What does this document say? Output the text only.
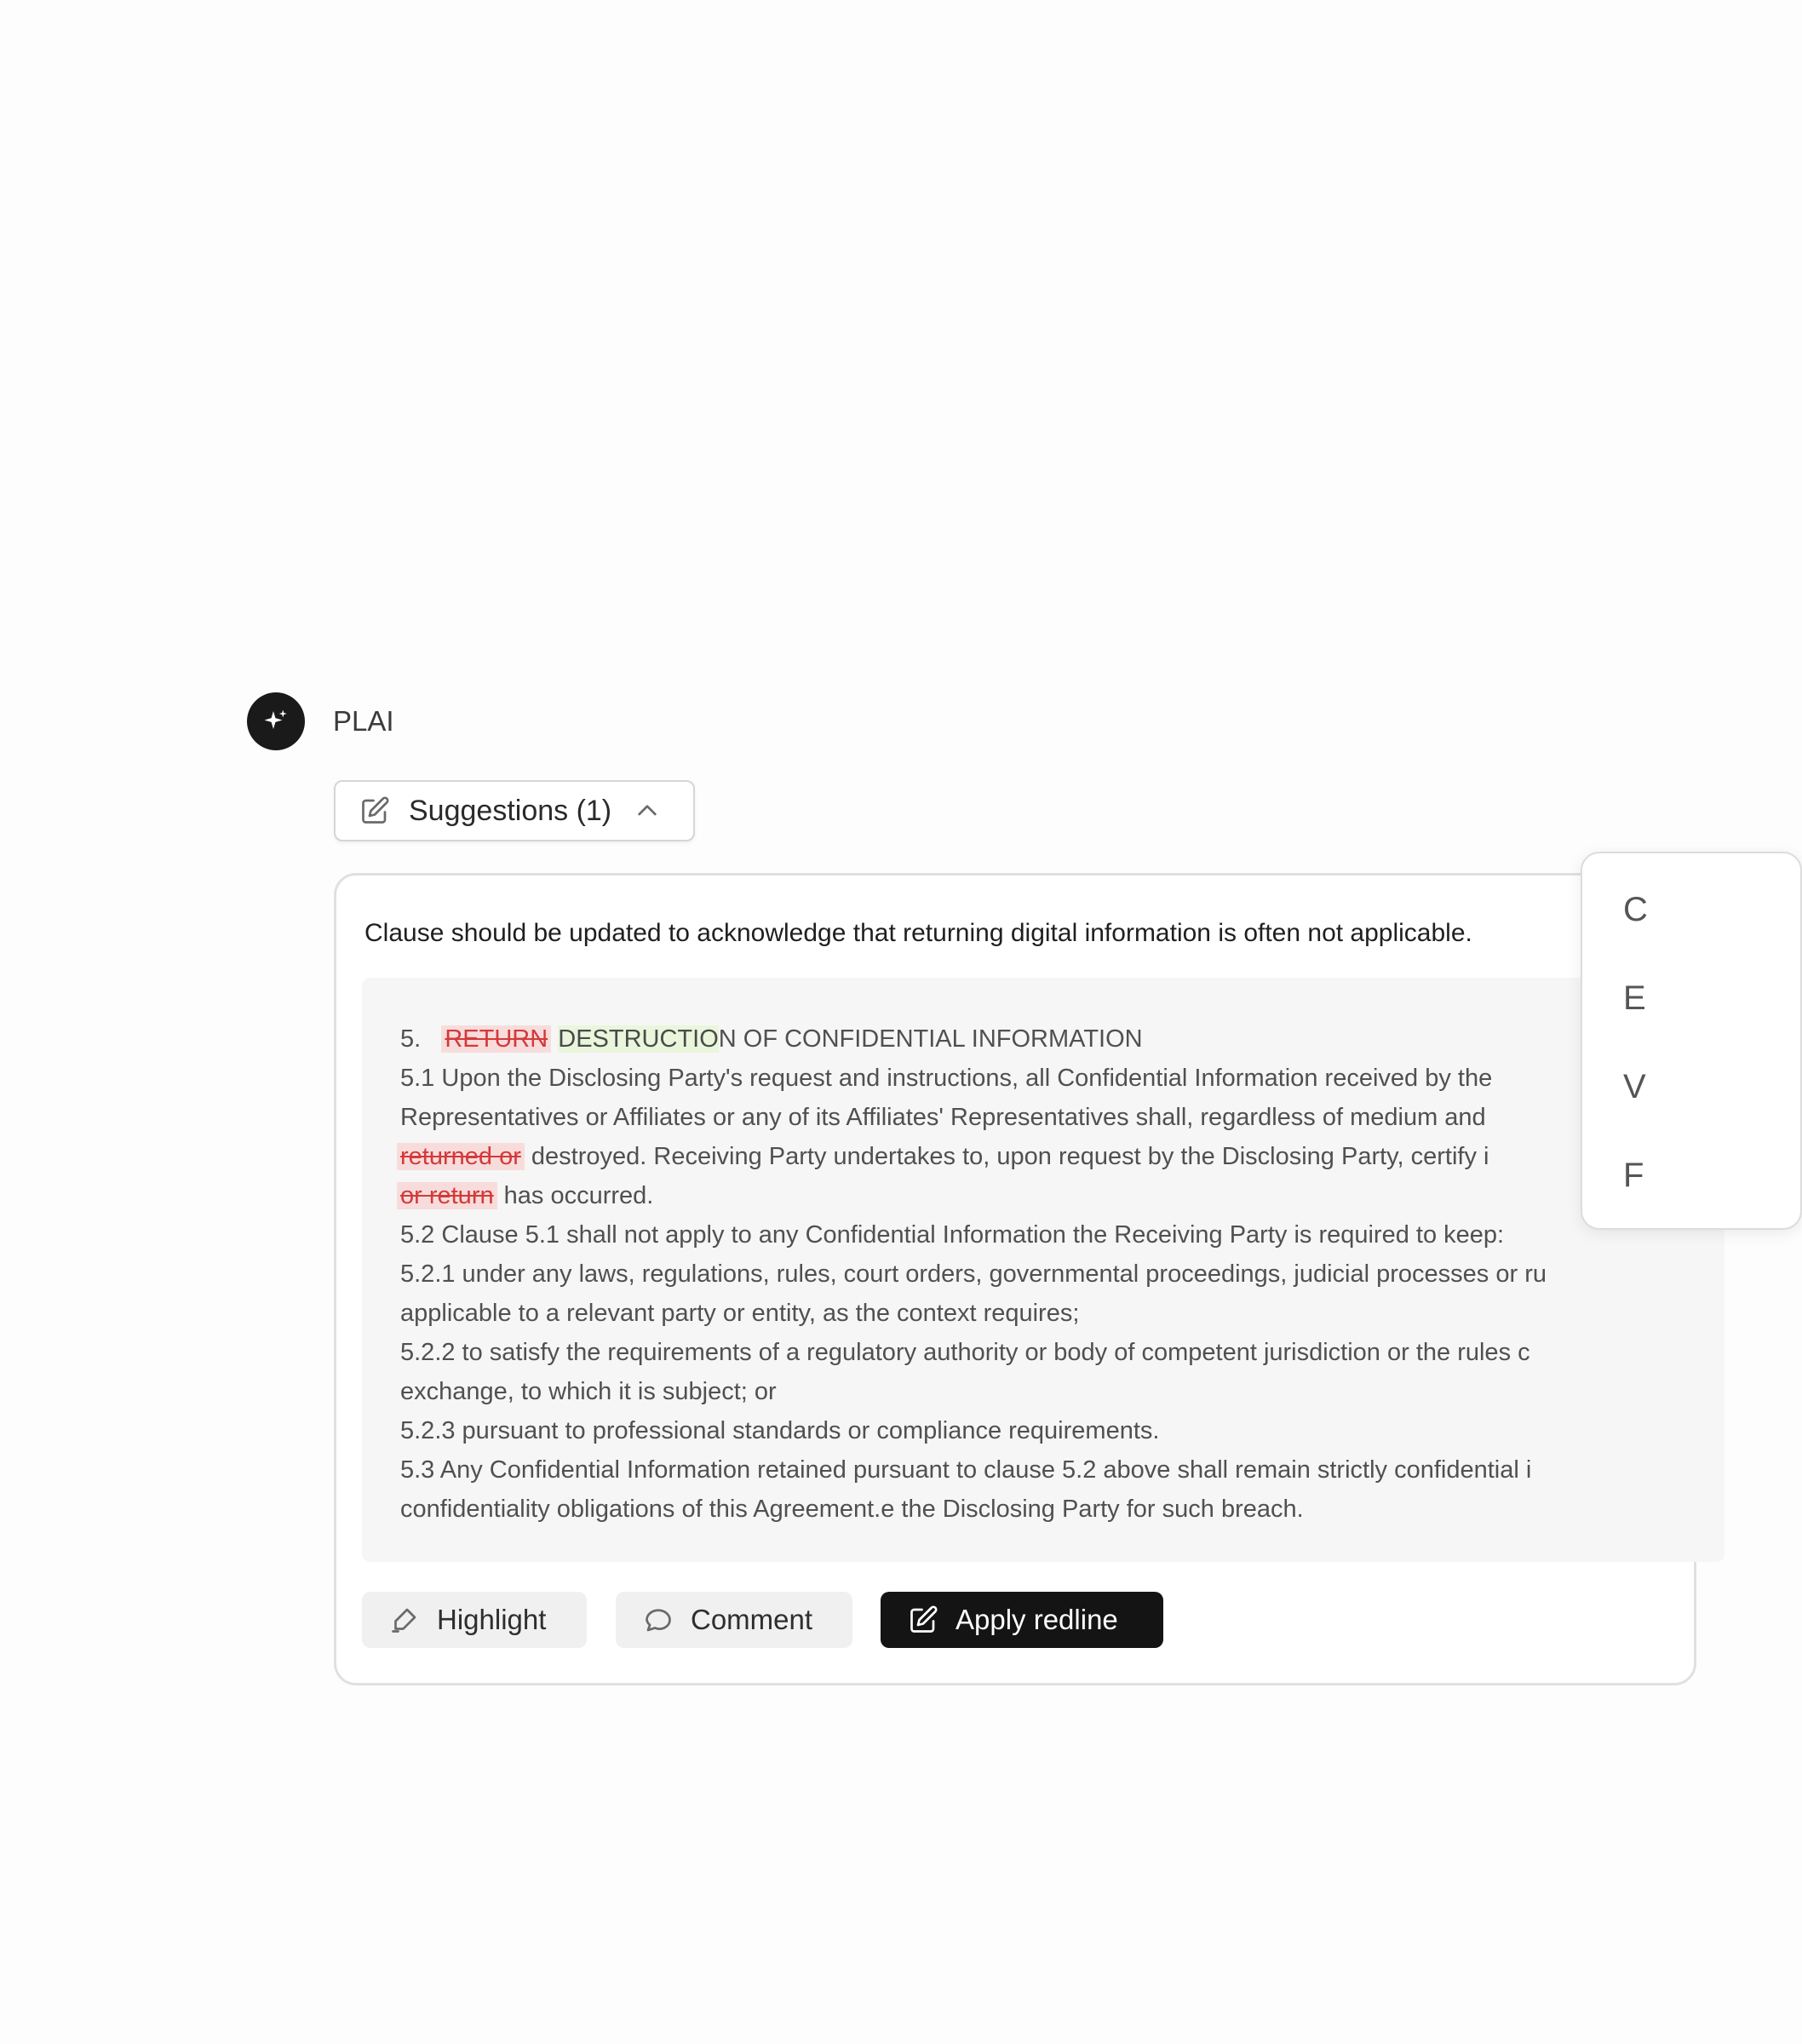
PLAI
Suggestions (1)
Clause should be updated to acknowledge that returning digital information is often not applicable.
5. RETURN DESTRUCTION OF CONFIDENTIAL INFORMATION
5.1 Upon the Disclosing Party's request and instructions, all Confidential Information received by the
Representatives or Affiliates or any of its Affiliates' Representatives shall, regardless of medium and
returned or destroyed. Receiving Party undertakes to, upon request by the Disclosing Party, certify i
or return has occurred.
5.2 Clause 5.1 shall not apply to any Confidential Information the Receiving Party is required to keep:
5.2.1 under any laws, regulations, rules, court orders, governmental proceedings, judicial processes or ru
applicable to a relevant party or entity, as the context requires;
5.2.2 to satisfy the requirements of a regulatory authority or body of competent jurisdiction or the rules c
exchange, to which it is subject; or
5.2.3 pursuant to professional standards or compliance requirements.
5.3 Any Confidential Information retained pursuant to clause 5.2 above shall remain strictly confidential i
confidentiality obligations of this Agreement.e the Disclosing Party for such breach.
Highlight	Comment	Apply redline
C
E
V
F
